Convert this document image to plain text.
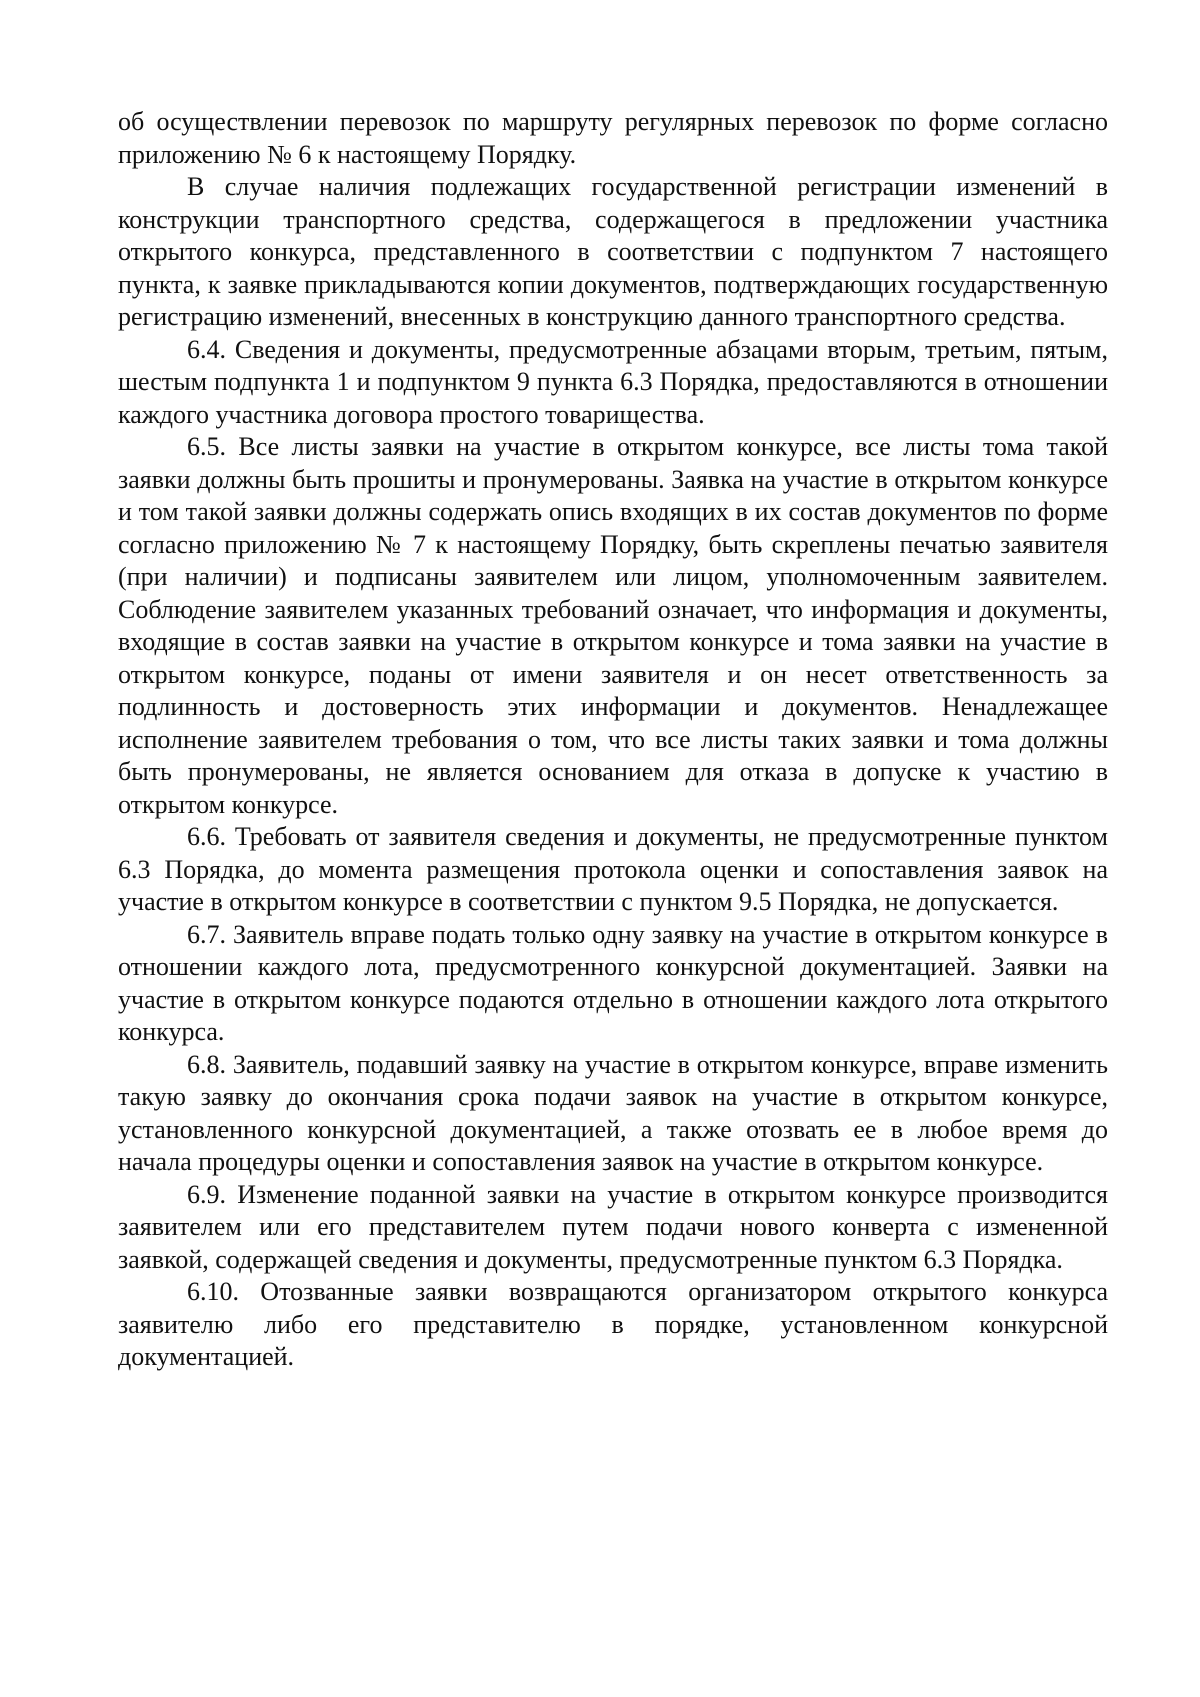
об осуществлении перевозок по маршруту регулярных перевозок по форме согласно приложению № 6 к настоящему Порядку.

В случае наличия подлежащих государственной регистрации изменений в конструкции транспортного средства, содержащегося в предложении участника открытого конкурса, представленного в соответствии с подпунктом 7 настоящего пункта, к заявке прикладываются копии документов, подтверждающих государственную регистрацию изменений, внесенных в конструкцию данного транспортного средства.

6.4. Сведения и документы, предусмотренные абзацами вторым, третьим, пятым, шестым подпункта 1 и подпунктом 9 пункта 6.3 Порядка, предоставляются в отношении каждого участника договора простого товарищества.

6.5. Все листы заявки на участие в открытом конкурсе, все листы тома такой заявки должны быть прошиты и пронумерованы. Заявка на участие в открытом конкурсе и том такой заявки должны содержать опись входящих в их состав документов по форме согласно приложению № 7 к настоящему Порядку, быть скреплены печатью заявителя (при наличии) и подписаны заявителем или лицом, уполномоченным заявителем. Соблюдение заявителем указанных требований означает, что информация и документы, входящие в состав заявки на участие в открытом конкурсе и тома заявки на участие в открытом конкурсе, поданы от имени заявителя и он несет ответственность за подлинность и достоверность этих информации и документов. Ненадлежащее исполнение заявителем требования о том, что все листы таких заявки и тома должны быть пронумерованы, не является основанием для отказа в допуске к участию в открытом конкурсе.

6.6. Требовать от заявителя сведения и документы, не предусмотренные пунктом 6.3 Порядка, до момента размещения протокола оценки и сопоставления заявок на участие в открытом конкурсе в соответствии с пунктом 9.5 Порядка, не допускается.

6.7. Заявитель вправе подать только одну заявку на участие в открытом конкурсе в отношении каждого лота, предусмотренного конкурсной документацией. Заявки на участие в открытом конкурсе подаются отдельно в отношении каждого лота открытого конкурса.

6.8. Заявитель, подавший заявку на участие в открытом конкурсе, вправе изменить такую заявку до окончания срока подачи заявок на участие в открытом конкурсе, установленного конкурсной документацией, а также отозвать ее в любое время до начала процедуры оценки и сопоставления заявок на участие в открытом конкурсе.

6.9. Изменение поданной заявки на участие в открытом конкурсе производится заявителем или его представителем путем подачи нового конверта с измененной заявкой, содержащей сведения и документы, предусмотренные пунктом 6.3 Порядка.

6.10. Отозванные заявки возвращаются организатором открытого конкурса заявителю либо его представителю в порядке, установленном конкурсной документацией.
